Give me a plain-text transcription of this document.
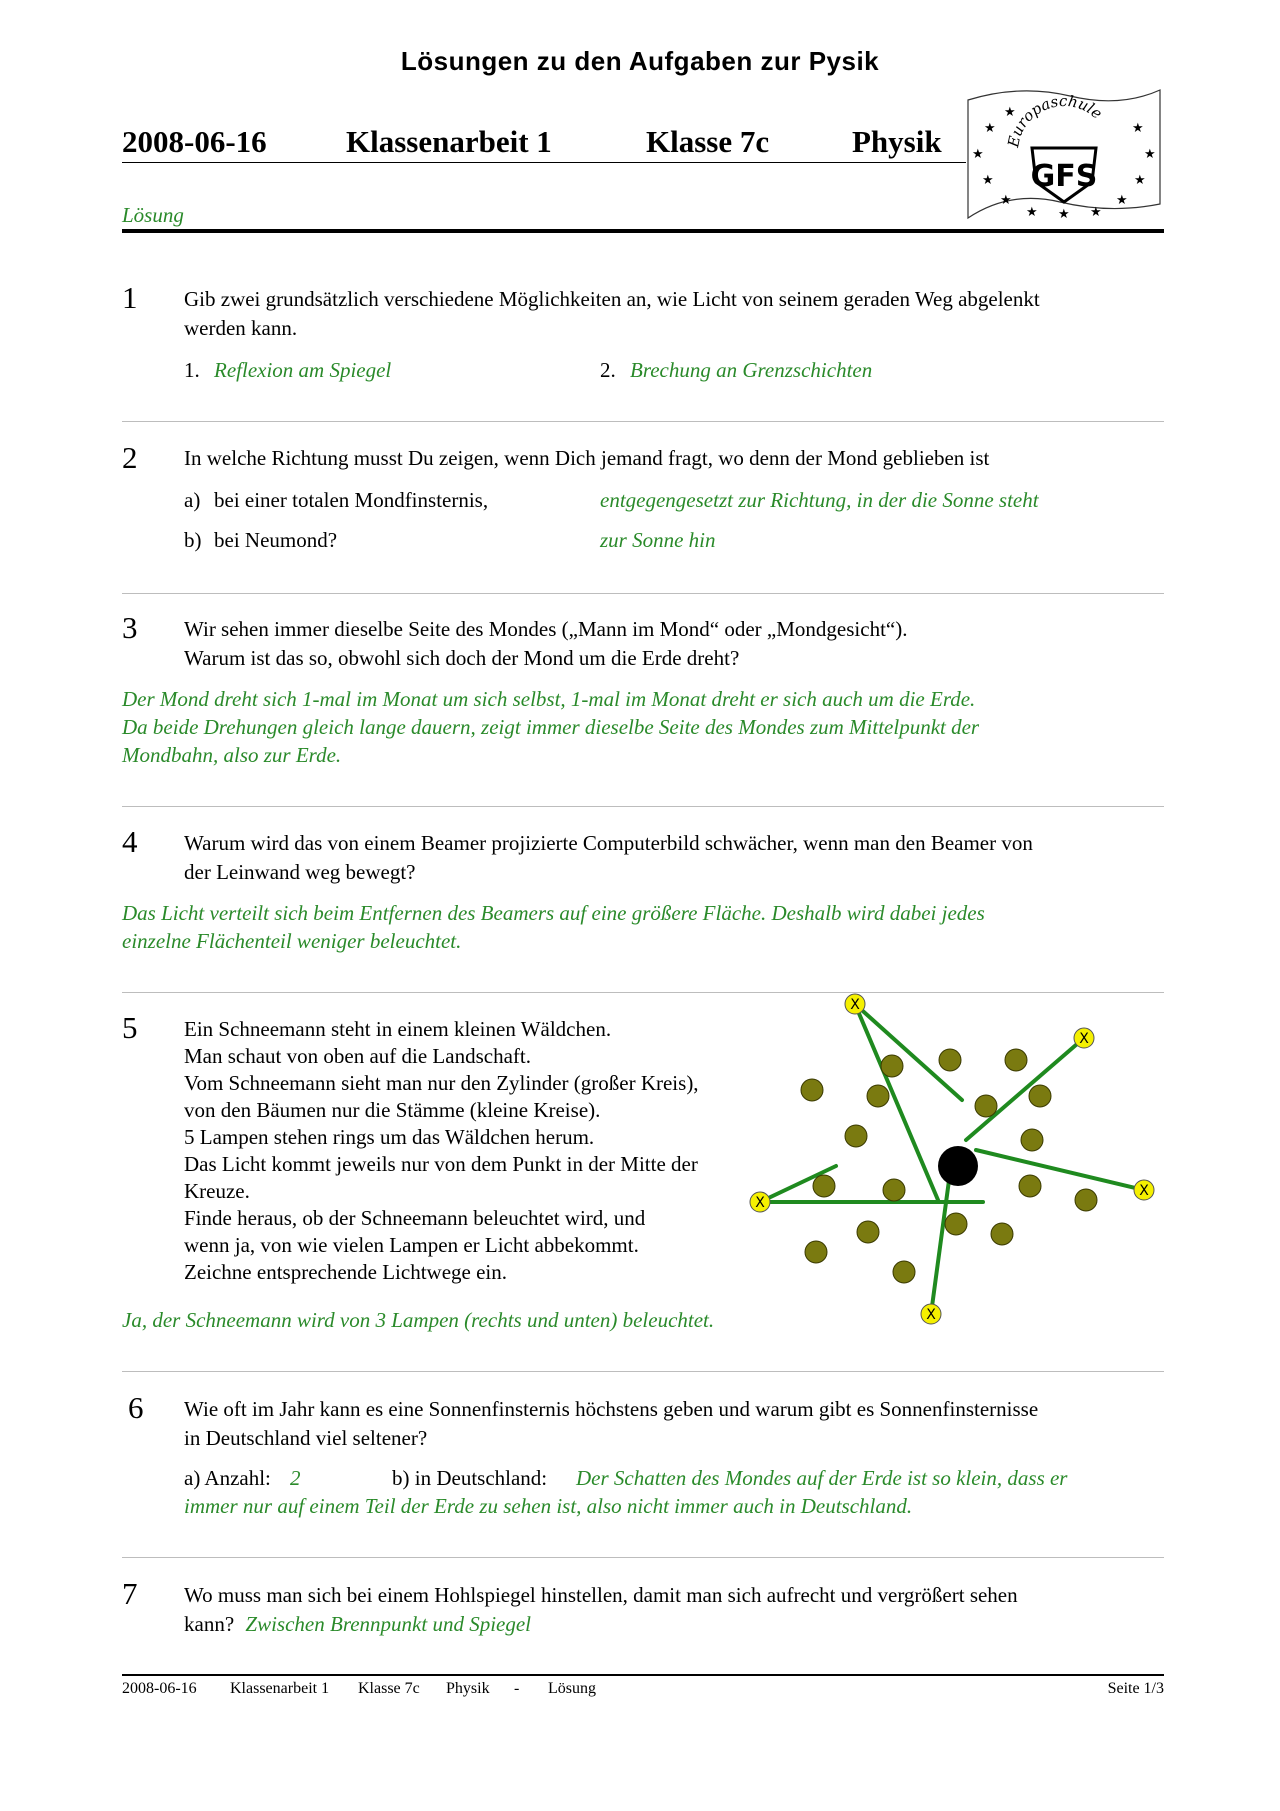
Lösungen zu den Aufgaben zur Pysik
2008-06-16	Klassenarbeit 1	Klasse 7c	Physik
Lösung
Europaschule
GFS
★
★
★
★
★
★
★
★
★
★
★
★
1 Gib zwei grundsätzlich verschiedene Möglichkeiten an, wie Licht von seinem geraden Weg abgelenkt
werden kann.
1. Reflexion am Spiegel	2. Brechung an Grenzschichten
2 In welche Richtung musst Du zeigen, wenn Dich jemand fragt, wo denn der Mond geblieben ist
a) bei einer totalen Mondfinsternis,	entgegengesetzt zur Richtung, in der die Sonne steht
b) bei Neumond?	zur Sonne hin
3 Wir sehen immer dieselbe Seite des Mondes („Mann im Mond“ oder „Mondgesicht“).
Warum ist das so, obwohl sich doch der Mond um die Erde dreht?
Der Mond dreht sich 1-mal im Monat um sich selbst, 1-mal im Monat dreht er sich auch um die Erde.
Da beide Drehungen gleich lange dauern, zeigt immer dieselbe Seite des Mondes zum Mittelpunkt der
Mondbahn, also zur Erde.
4 Warum wird das von einem Beamer projizierte Computerbild schwächer, wenn man den Beamer von
der Leinwand weg bewegt?
Das Licht verteilt sich beim Entfernen des Beamers auf eine größere Fläche. Deshalb wird dabei jedes
einzelne Flächenteil weniger beleuchtet.
5 Ein Schneemann steht in einem kleinen Wäldchen.
Man schaut von oben auf die Landschaft.
Vom Schneemann sieht man nur den Zylinder (großer Kreis),
von den Bäumen nur die Stämme (kleine Kreise).
5 Lampen stehen rings um das Wäldchen herum.
Das Licht kommt jeweils nur von dem Punkt in der Mitte der
Kreuze.
Finde heraus, ob der Schneemann beleuchtet wird, und
wenn ja, von wie vielen Lampen er Licht abbekommt.
Zeichne entsprechende Lichtwege ein.
Ja, der Schneemann wird von 3 Lampen (rechts und unten) beleuchtet.
X
X
X
X
X
6 Wie oft im Jahr kann es eine Sonnenfinsternis höchstens geben und warum gibt es Sonnenfinsternisse
in Deutschland viel seltener?
a) Anzahl: 2	b) in Deutschland: Der Schatten des Mondes auf der Erde ist so klein, dass er
immer nur auf einem Teil der Erde zu sehen ist, also nicht immer auch in Deutschland.
7 Wo muss man sich bei einem Hohlspiegel hinstellen, damit man sich aufrecht und vergrößert sehen
kann? Zwischen Brennpunkt und Spiegel
2008-06-16 Klassenarbeit 1 Klasse 7c Physik - Lösung	Seite 1/3
